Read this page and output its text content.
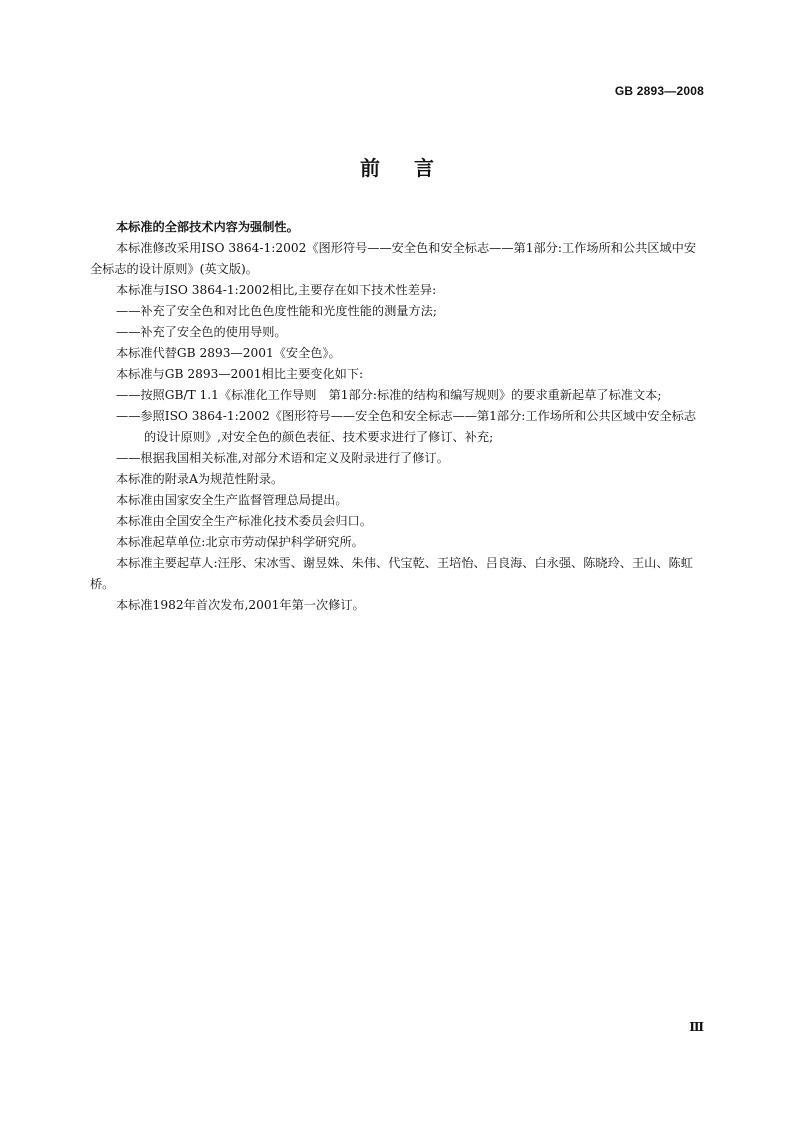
GB 2893—2008
前言

本标准的全部技术内容为强制性。

本标准修改采用ISO 3864-1:2002《图形符号——安全色和安全标志——第1部分:工作场所和公共区域中安全标志的设计原则》(英文版)。

本标准与ISO 3864-1:2002相比,主要存在如下技术性差异:

——补充了安全色和对比色色度性能和光度性能的测量方法;

——补充了安全色的使用导则。

本标准代替GB 2893—2001《安全色》。

本标准与GB 2893—2001相比主要变化如下:

——按照GB/T 1.1《标准化工作导则　第1部分:标准的结构和编写规则》的要求重新起草了标准文本;

——参照ISO 3864-1:2002《图形符号——安全色和安全标志——第1部分:工作场所和公共区域中安全标志的设计原则》,对安全色的颜色表征、技术要求进行了修订、补充;

——根据我国相关标准,对部分术语和定义及附录进行了修订。

本标准的附录A为规范性附录。

本标准由国家安全生产监督管理总局提出。

本标准由全国安全生产标准化技术委员会归口。

本标准起草单位:北京市劳动保护科学研究所。

本标准主要起草人:汪彤、宋冰雪、谢昱姝、朱伟、代宝乾、王培怡、吕良海、白永强、陈晓玲、王山、陈虹桥。

本标准1982年首次发布,2001年第一次修订。

Ⅲ
